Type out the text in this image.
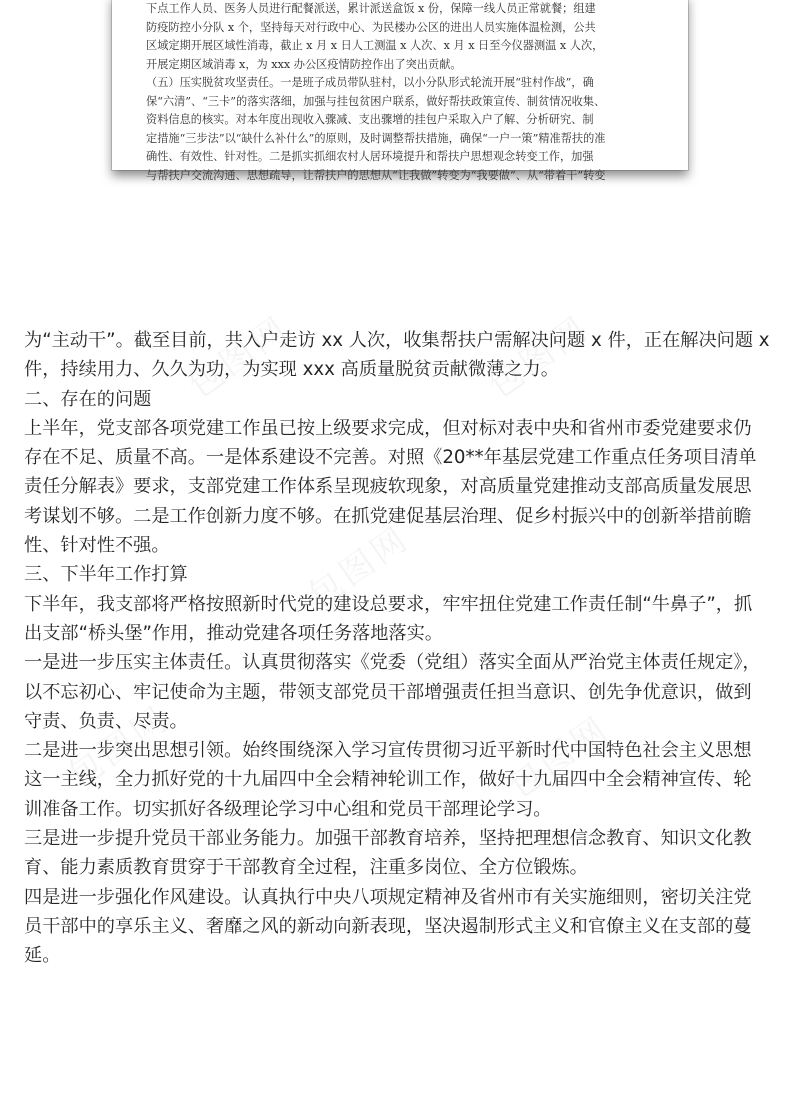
下点工作人员、医务人员进行配餐派送，累计派送盒饭 x 份，保障一线人员正常就餐；组建
防疫防控小分队 x 个，坚持每天对行政中心、为民楼办公区的进出人员实施体温检测，公共
区域定期开展区域性消毒，截止 x 月 x 日人工测温 x 人次、x 月 x 日至今仪器测温 x 人次，
开展定期区域消毒 x，为 xxx 办公区疫情防控作出了突出贡献。
（五）压实脱贫攻坚责任。一是班子成员带队驻村，以小分队形式轮流开展“驻村作战”，确
保“六清”、“三卡”的落实落细，加强与挂包贫困户联系，做好帮扶政策宣传、制贫情况收集、
资料信息的核实。对本年度出现收入骤减、支出骤增的挂包户采取入户了解、分析研究、制
定措施“三步法”以“缺什么补什么”的原则，及时调整帮扶措施，确保“一户一策”精准帮扶的准
确性、有效性、针对性。二是抓实抓细农村人居环境提升和帮扶户思想观念转变工作，加强
与帮扶户交流沟通、思想疏导，让帮扶户的思想从“让我做”转变为“我要做”、从“带着干”转变
为“主动干”。截至目前，共入户走访 xx 人次，收集帮扶户需解决问题 x 件，正在解决问题 x
件，持续用力、久久为功，为实现 xxx 高质量脱贫贡献微薄之力。
二、存在的问题
上半年，党支部各项党建工作虽已按上级要求完成，但对标对表中央和省州市委党建要求仍
存在不足、质量不高。一是体系建设不完善。对照《20**年基层党建工作重点任务项目清单
责任分解表》要求，支部党建工作体系呈现疲软现象，对高质量党建推动支部高质量发展思
考谋划不够。二是工作创新力度不够。在抓党建促基层治理、促乡村振兴中的创新举措前瞻
性、针对性不强。
三、下半年工作打算
下半年，我支部将严格按照新时代党的建设总要求，牢牢扭住党建工作责任制“牛鼻子”，抓
出支部“桥头堡”作用，推动党建各项任务落地落实。
一是进一步压实主体责任。认真贯彻落实《党委（党组）落实全面从严治党主体责任规定》，
以不忘初心、牢记使命为主题，带领支部党员干部增强责任担当意识、创先争优意识，做到
守责、负责、尽责。
二是进一步突出思想引领。始终围绕深入学习宣传贯彻习近平新时代中国特色社会主义思想
这一主线，全力抓好党的十九届四中全会精神轮训工作，做好十九届四中全会精神宣传、轮
训准备工作。切实抓好各级理论学习中心组和党员干部理论学习。
三是进一步提升党员干部业务能力。加强干部教育培养，坚持把理想信念教育、知识文化教
育、能力素质教育贯穿于干部教育全过程，注重多岗位、全方位锻炼。
四是进一步强化作风建设。认真执行中央八项规定精神及省州市有关实施细则，密切关注党
员干部中的享乐主义、奢靡之风的新动向新表现，坚决遏制形式主义和官僚主义在支部的蔓
延。
